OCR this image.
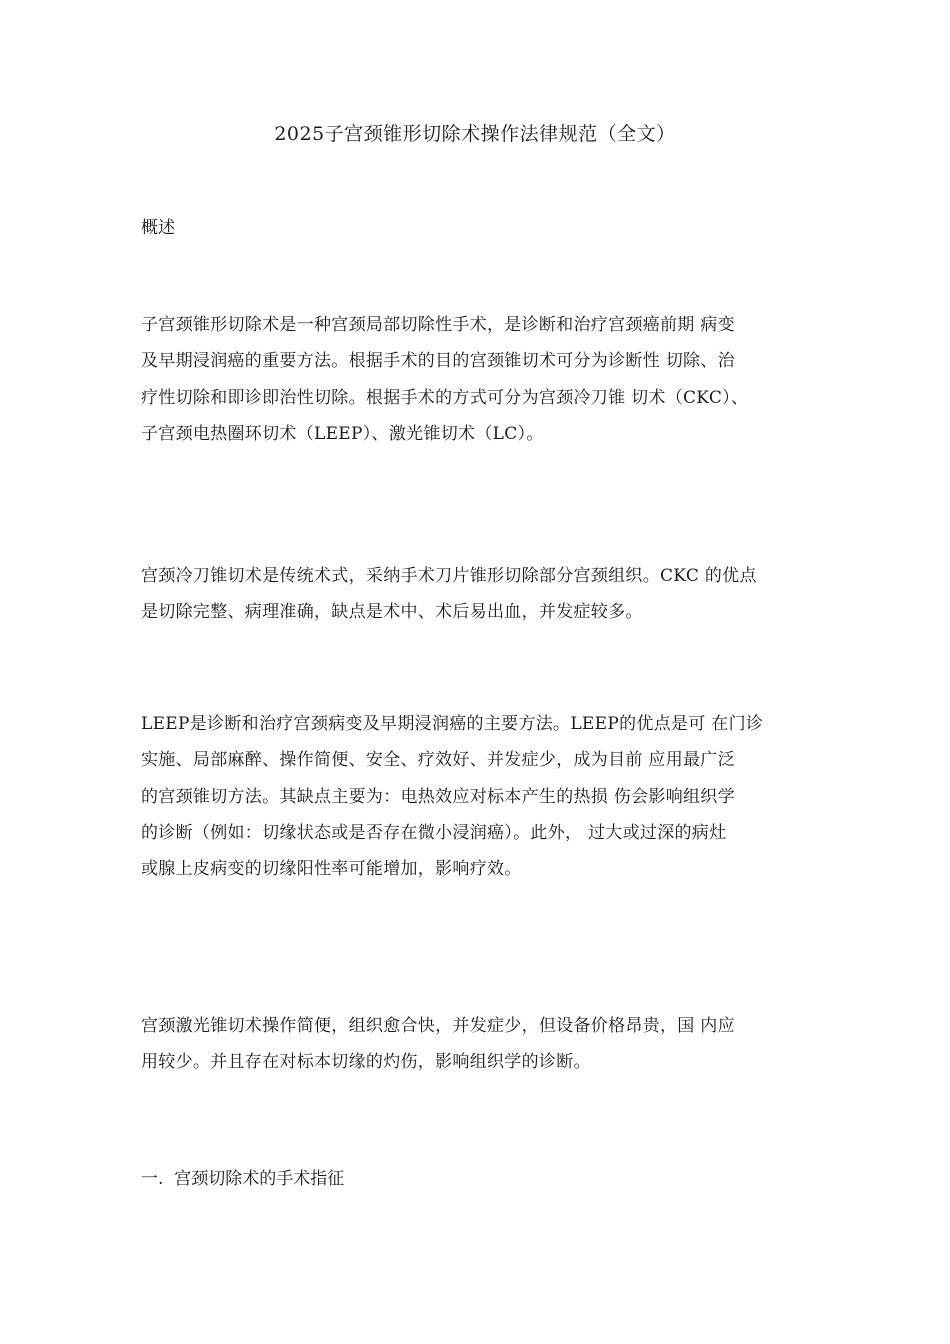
2025子宫颈锥形切除术操作法律规范（全文）
概述
子宫颈锥形切除术是一种宫颈局部切除性手术，是诊断和治疗宫颈癌前期 病变
及早期浸润癌的重要方法。根据手术的目的宫颈锥切术可分为诊断性 切除、治
疗性切除和即诊即治性切除。根据手术的方式可分为宫颈冷刀锥 切术（CKC）、
子宫颈电热圈环切术（LEEP）、激光锥切术（LC）。
宫颈冷刀锥切术是传统术式，采纳手术刀片锥形切除部分宫颈组织。CKC 的优点
是切除完整、病理准确，缺点是术中、术后易出血，并发症较多。
LEEP是诊断和治疗宫颈病变及早期浸润癌的主要方法。LEEP的优点是可 在门诊
实施、局部麻醉、操作简便、安全、疗效好、并发症少，成为目前 应用最广泛
的宫颈锥切方法。其缺点主要为：电热效应对标本产生的热损 伤会影响组织学
的诊断（例如：切缘状态或是否存在微小浸润癌）。此外， 过大或过深的病灶
或腺上皮病变的切缘阳性率可能增加，影响疗效。
宫颈激光锥切术操作简便，组织愈合快，并发症少，但设备价格昂贵，国 内应
用较少。并且存在对标本切缘的灼伤，影响组织学的诊断。
一.  宫颈切除术的手术指征
